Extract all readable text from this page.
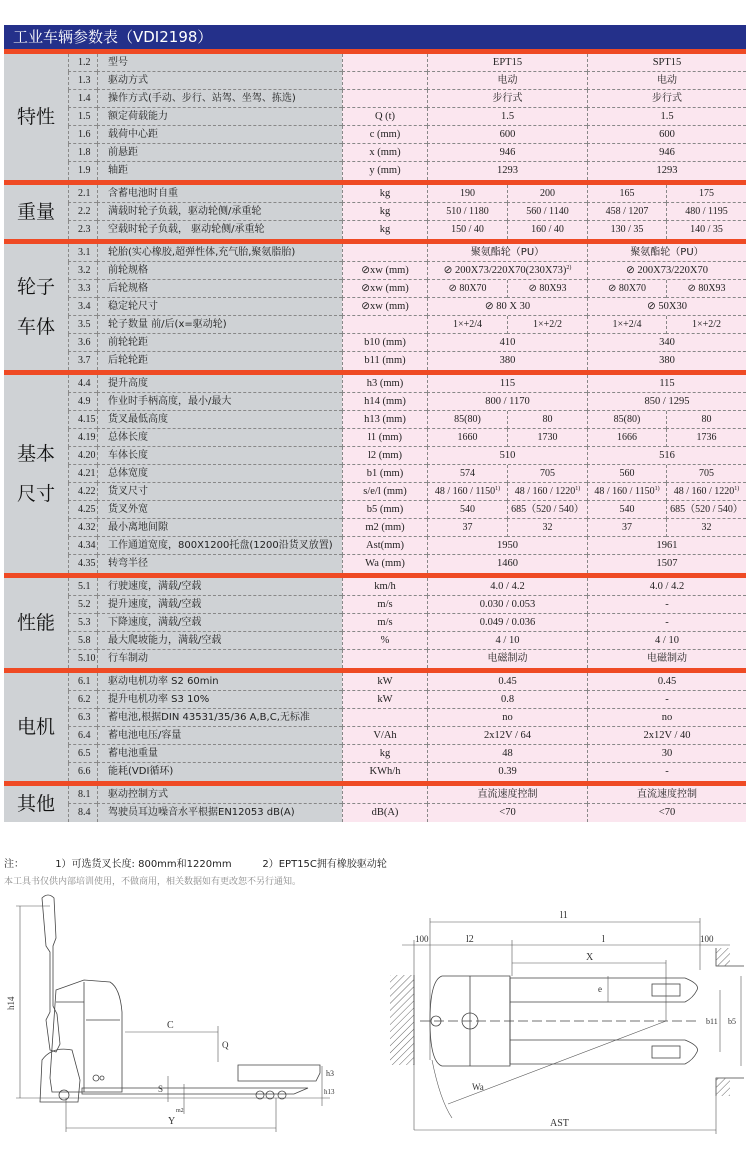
工业车辆参数表（VDI2198）
特性
1.2	型号	EPT15	SPT15
1.3	驱动方式	电动	电动
1.4	操作方式(手动、步行、站驾、坐驾、拣选)	步行式	步行式
1.5	额定荷载能力	Q (t)	1.5	1.5
1.6	载荷中心距	c (mm)	600	600
1.8	前悬距	x (mm)	946	946
1.9	轴距	y (mm)	1293	1293
重量
2.1	含蓄电池时自重	kg	190	200	165	175
2.2	满载时轮子负载，驱动轮侧/承重轮	kg	510 / 1180	560 / 1140	458 / 1207	480 / 1195
2.3	空载时轮子负载， 驱动轮侧/承重轮	kg	150 / 40	160 / 40	130 / 35	140 / 35
轮子
车体
3.1	轮胎(实心橡胶,超弹性体,充气胎,聚氨脂胎)	聚氨酯轮（PU）	聚氨酯轮（PU）
3.2	前轮规格	⊘xw (mm)	⊘ $200X73/220X70(230X73)^{2)}$	⊘ 200X73/220X70
3.3	后轮规格	⊘xw (mm)	⊘ 80X70	⊘ 80X93	⊘ 80X70	⊘ 80X93
3.4	稳定轮尺寸	⊘xw (mm)	⊘ 80 X 30	⊘ 50X30
3.5	轮子数量 前/后(x=驱动轮)	1×+2/4	1×+2/2	1×+2/4	1×+2/2
3.6	前轮轮距	b10 (mm)	410	340
3.7	后轮轮距	b11 (mm)	380	380
基本
尺寸
4.4	提升高度	h3 (mm)	115	115
4.9	作业时手柄高度，最小/最大	h14 (mm)	800 / 1170	850 / 1295
4.15	货叉最低高度	h13 (mm)	85(80)	80	85(80)	80
4.19	总体长度	l1 (mm)	1660	1730	1666	1736
4.20	车体长度	l2 (mm)	510	516
4.21	总体宽度	b1 (mm)	574	705	560	705
4.22	货叉尺寸	s/e/l (mm)	48 / 160 / 1150$^{1)}$	48 / 160 / 1220$^{1)}$	48 / 160 / 1150$^{1)}$	48 / 160 / 1220$^{1)}$
4.25	货叉外宽	b5 (mm)	540	685（520 / 540）	540	685（520 / 540）
4.32	最小离地间隙	m2 (mm)	37	32	37	32
4.34	工作通道宽度，800X1200托盘(1200沿货叉放置)	Ast(mm)	1950	1961
4.35	转弯半径	Wa (mm)	1460	1507
性能
5.1	行驶速度，满载/空载	km/h	4.0 / 4.2	4.0 / 4.2
5.2	提升速度，满载/空载	m/s	0.030 / 0.053	-
5.3	下降速度，满载/空载	m/s	0.049 / 0.036	-
5.8	最大爬坡能力，满载/空载	%	4 / 10	4 / 10
5.10	行车制动	电磁制动	电磁制动
电机
6.1	驱动电机功率 S2 60min	kW	0.45	0.45
6.2	提升电机功率 S3 10%	kW	0.8	-
6.3	蓄电池,根据DIN 43531/35/36 A,B,C,无标准	no	no
6.4	蓄电池电压/容量	V/Ah	2x12V / 64	2x12V / 40
6.5	蓄电池重量	kg	48	30
6.6	能耗(VDI循环)	KWh/h	0.39	-
其他	8.1	驱动控制方式	直流速度控制	直流速度控制
8.4	驾驶员耳边噪音水平根据EN12053 dB(A)	dB(A)	<70	<70
注：	1）可选货叉长度: 800mm和1220mm	2）EPT15C拥有橡胶驱动轮
本工具书仅供内部培训使用，不做商用，相关数据如有更改恕不另行通知。
h14
C
Q
S
h3
h13
m2
Y
l1
100	l2	l	100
X
e
b11 b5
Wa
AST
